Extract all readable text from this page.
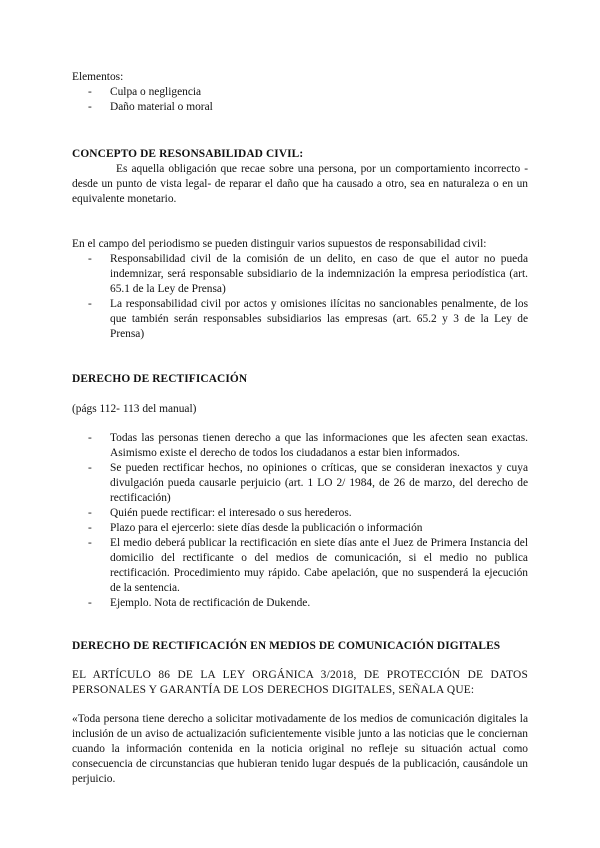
Elementos:

- Culpa o negligencia
- Daño material o moral

CONCEPTO DE RESONSABILIDAD CIVIL:

Es aquella obligación que recae sobre una persona, por un comportamiento incorrecto -desde un punto de vista legal- de reparar el daño que ha causado a otro, sea en naturaleza o en un equivalente monetario.

En el campo del periodismo se pueden distinguir varios supuestos de responsabilidad civil:

- Responsabilidad civil de la comisión de un delito, en caso de que el autor no pueda indemnizar, será responsable subsidiario de la indemnización la empresa periodística (art. 65.1 de la Ley de Prensa)
- La responsabilidad civil por actos y omisiones ilícitas no sancionables penalmente, de los que también serán responsables subsidiarios las empresas (art. 65.2 y 3 de la Ley de Prensa)

DERECHO DE RECTIFICACIÓN

(págs 112- 113 del manual)

- Todas las personas tienen derecho a que las informaciones que les afecten sean exactas. Asimismo existe el derecho de todos los ciudadanos a estar bien informados.
- Se pueden rectificar hechos, no opiniones o críticas, que se consideran inexactos y cuya divulgación pueda causarle perjuicio (art. 1 LO 2/ 1984, de 26 de marzo, del derecho de rectificación)
- Quién puede rectificar: el interesado o sus herederos.
- Plazo para el ejercerlo: siete días desde la publicación o información
- El medio deberá publicar la rectificación en siete días ante el Juez de Primera Instancia del domicilio del rectificante o del medios de comunicación, si el medio no publica rectificación. Procedimiento muy rápido. Cabe apelación, que no suspenderá la ejecución de la sentencia.
- Ejemplo. Nota de rectificación de Dukende.

DERECHO DE RECTIFICACIÓN EN MEDIOS DE COMUNICACIÓN DIGITALES

EL ARTÍCULO 86 DE LA LEY ORGÁNICA 3/2018, DE PROTECCIÓN DE DATOS PERSONALES Y GARANTÍA DE LOS DERECHOS DIGITALES, SEÑALA QUE:

«Toda persona tiene derecho a solicitar motivadamente de los medios de comunicación digitales la inclusión de un aviso de actualización suficientemente visible junto a las noticias que le conciernan cuando la información contenida en la noticia original no refleje su situación actual como consecuencia de circunstancias que hubieran tenido lugar después de la publicación, causándole un perjuicio.
